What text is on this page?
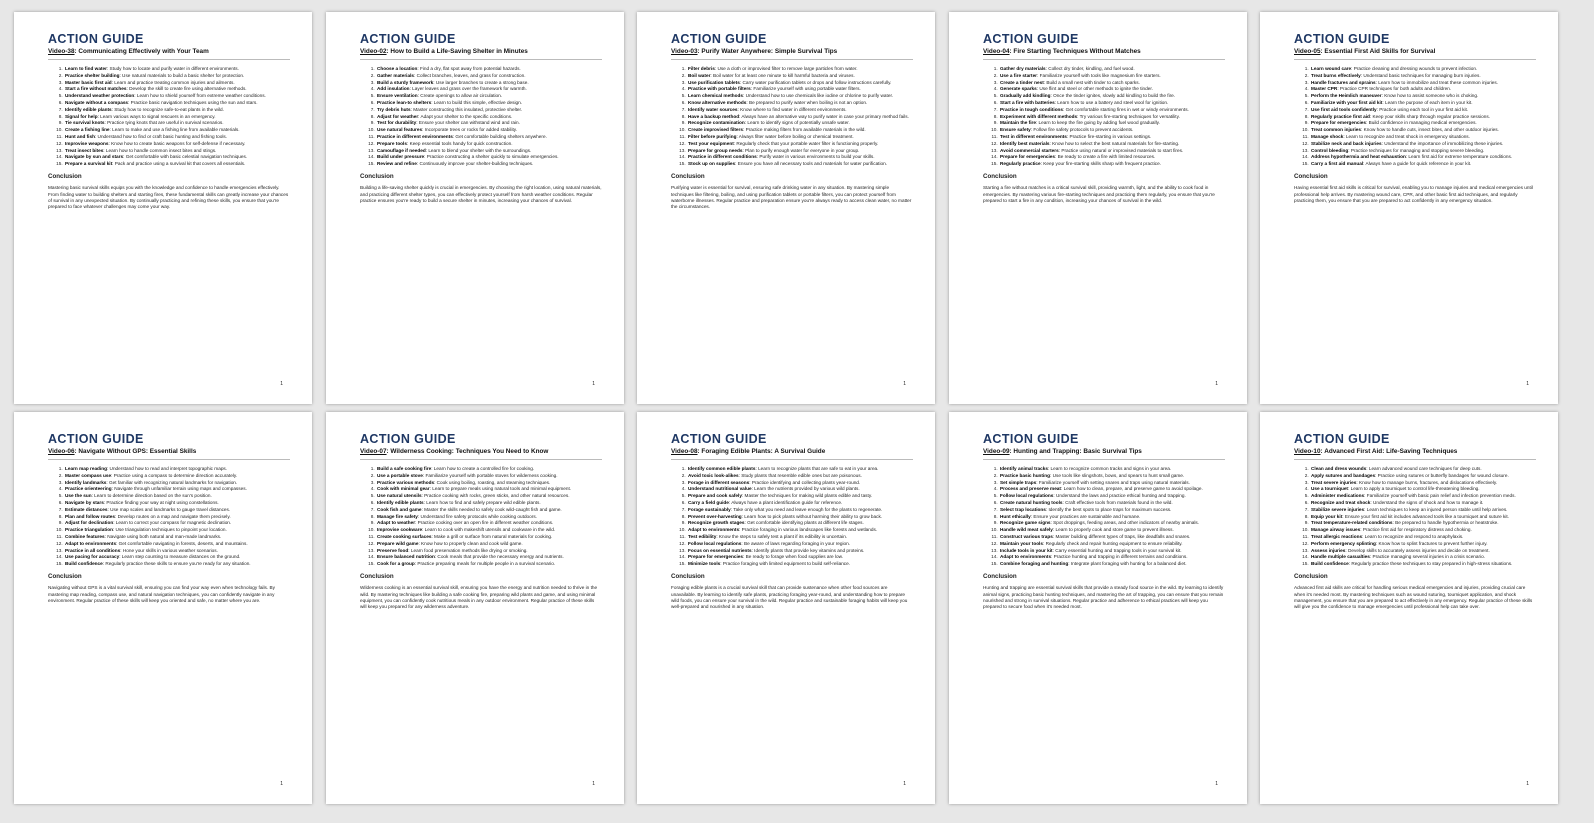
ACTION GUIDE
Video-38: Communicating Effectively with Your Team
1. Learn to find water: Study how to locate and purify water in different environments.
2. Practice shelter building: Use natural materials to build a basic shelter for protection.
3. Master basic first aid: Learn and practice treating common injuries and ailments.
4. Start a fire without matches: Develop the skill to create fire using alternative methods.
5. Understand weather protection: Learn how to shield yourself from extreme weather conditions.
6. Navigate without a compass: Practice basic navigation techniques using the sun and stars.
7. Identify edible plants: Study how to recognize safe-to-eat plants in the wild.
8. Signal for help: Learn various ways to signal rescuers in an emergency.
9. Tie survival knots: Practice tying knots that are useful in survival scenarios.
10. Create a fishing line: Learn to make and use a fishing line from available materials.
11. Hunt and fish: Understand how to find or craft basic hunting and fishing tools.
12. Improvise weapons: Know how to create basic weapons for self-defense if necessary.
13. Treat insect bites: Learn how to handle common insect bites and stings.
14. Navigate by sun and stars: Get comfortable with basic celestial navigation techniques.
15. Prepare a survival kit: Pack and practice using a survival kit that covers all essentials.
Conclusion

Mastering basic survival skills equips you with the knowledge and confidence to handle emergencies effectively. From finding water to building shelters and starting fires, these fundamental skills can greatly increase your chances of survival in any unexpected situation. By continually practicing and refining these skills, you ensure that you're prepared to face whatever challenges may come your way.

1
ACTION GUIDE
Video-02: How to Build a Life-Saving Shelter in Minutes
1. Choose a location: Find a dry, flat spot away from potential hazards.
2. Gather materials: Collect branches, leaves, and grass for construction.
3. Build a sturdy framework: Use larger branches to create a strong base.
4. Add insulation: Layer leaves and grass over the framework for warmth.
5. Ensure ventilation: Create openings to allow air circulation.
6. Practice lean-to shelters: Learn to build this simple, effective design.
7. Try debris huts: Master constructing this insulated, protective shelter.
8. Adjust for weather: Adapt your shelter to the specific conditions.
9. Test for durability: Ensure your shelter can withstand wind and rain.
10. Use natural features: Incorporate trees or rocks for added stability.
11. Practice in different environments: Get comfortable building shelters anywhere.
12. Prepare tools: Keep essential tools handy for quick construction.
13. Camouflage if needed: Learn to blend your shelter with the surroundings.
14. Build under pressure: Practice constructing a shelter quickly to simulate emergencies.
15. Review and refine: Continuously improve your shelter-building techniques.
Conclusion

Building a life-saving shelter quickly is crucial in emergencies. By choosing the right location, using natural materials, and practicing different shelter types, you can effectively protect yourself from harsh weather conditions. Regular practice ensures you're ready to build a secure shelter in minutes, increasing your chances of survival.

1
ACTION GUIDE
Video-03: Purify Water Anywhere: Simple Survival Tips
1. Filter debris: Use a cloth or improvised filter to remove large particles from water.
2. Boil water: Boil water for at least one minute to kill harmful bacteria and viruses.
3. Use purification tablets: Carry water purification tablets or drops and follow instructions carefully.
4. Practice with portable filters: Familiarize yourself with using portable water filters.
5. Learn chemical methods: Understand how to use chemicals like iodine or chlorine to purify water.
6. Know alternative methods: Be prepared to purify water when boiling is not an option.
7. Identify water sources: Know where to find water in different environments.
8. Have a backup method: Always have an alternative way to purify water in case your primary method fails.
9. Recognize contamination: Learn to identify signs of potentially unsafe water.
10. Create improvised filters: Practice making filters from available materials in the wild.
11. Filter before purifying: Always filter water before boiling or chemical treatment.
12. Test your equipment: Regularly check that your portable water filter is functioning properly.
13. Prepare for group needs: Plan to purify enough water for everyone in your group.
14. Practice in different conditions: Purify water in various environments to build your skills.
15. Stock up on supplies: Ensure you have all necessary tools and materials for water purification.
Conclusion

Purifying water is essential for survival, ensuring safe drinking water in any situation. By mastering simple techniques like filtering, boiling, and using purification tablets or portable filters, you can protect yourself from waterborne illnesses. Regular practice and preparation ensure you're always ready to access clean water, no matter the circumstances.

1
ACTION GUIDE
Video-04: Fire Starting Techniques Without Matches
1. Gather dry materials: Collect dry tinder, kindling, and fuel wood.
2. Use a fire starter: Familiarize yourself with tools like magnesium fire starters.
3. Create a tinder nest: Build a small nest with tinder to catch sparks.
4. Generate sparks: Use flint and steel or other methods to ignite the tinder.
5. Gradually add kindling: Once the tinder ignites, slowly add kindling to build the fire.
6. Start a fire with batteries: Learn how to use a battery and steel wool for ignition.
7. Practice in tough conditions: Get comfortable starting fires in wet or windy environments.
8. Experiment with different methods: Try various fire-starting techniques for versatility.
9. Maintain the fire: Learn to keep the fire going by adding fuel wood gradually.
10. Ensure safety: Follow fire safety protocols to prevent accidents.
11. Test in different environments: Practice fire-starting in various settings.
12. Identify best materials: Know how to select the best natural materials for fire-starting.
13. Avoid commercial starters: Practice using natural or improvised materials to start fires.
14. Prepare for emergencies: Be ready to create a fire with limited resources.
15. Regularly practice: Keep your fire-starting skills sharp with frequent practice.
Conclusion

Starting a fire without matches is a critical survival skill, providing warmth, light, and the ability to cook food in emergencies. By mastering various fire-starting techniques and practicing them regularly, you ensure that you're prepared to start a fire in any condition, increasing your chances of survival in the wild.

1
ACTION GUIDE
Video-05: Essential First Aid Skills for Survival
1. Learn wound care: Practice cleaning and dressing wounds to prevent infection.
2. Treat burns effectively: Understand basic techniques for managing burn injuries.
3. Handle fractures and sprains: Learn how to immobilize and treat these common injuries.
4. Master CPR: Practice CPR techniques for both adults and children.
5. Perform the Heimlich maneuver: Know how to assist someone who is choking.
6. Familiarize with your first aid kit: Learn the purpose of each item in your kit.
7. Use first aid tools confidently: Practice using each tool in your first aid kit.
8. Regularly practice first aid: Keep your skills sharp through regular practice sessions.
9. Prepare for emergencies: Build confidence in managing medical emergencies.
10. Treat common injuries: Know how to handle cuts, insect bites, and other outdoor injuries.
11. Manage shock: Learn to recognize and treat shock in emergency situations.
12. Stabilize neck and back injuries: Understand the importance of immobilizing these injuries.
13. Control bleeding: Practice techniques for managing and stopping severe bleeding.
14. Address hypothermia and heat exhaustion: Learn first aid for extreme temperature conditions.
15. Carry a first aid manual: Always have a guide for quick reference in your kit.
Conclusion

Having essential first aid skills is critical for survival, enabling you to manage injuries and medical emergencies until professional help arrives. By mastering wound care, CPR, and other basic first aid techniques, and regularly practicing them, you ensure that you are prepared to act confidently in any emergency situation.

1
ACTION GUIDE
Video-06: Navigate Without GPS: Essential Skills
1. Learn map reading: Understand how to read and interpret topographic maps.
2. Master compass use: Practice using a compass to determine direction accurately.
3. Identify landmarks: Get familiar with recognizing natural landmarks for navigation.
4. Practice orienteering: Navigate through unfamiliar terrain using maps and compasses.
5. Use the sun: Learn to determine direction based on the sun's position.
6. Navigate by stars: Practice finding your way at night using constellations.
7. Estimate distances: Use map scales and landmarks to gauge travel distances.
8. Plan and follow routes: Develop routes on a map and navigate them precisely.
9. Adjust for declination: Learn to correct your compass for magnetic declination.
10. Practice triangulation: Use triangulation techniques to pinpoint your location.
11. Combine features: Navigate using both natural and man-made landmarks.
12. Adapt to environments: Get comfortable navigating in forests, deserts, and mountains.
13. Practice in all conditions: Hone your skills in various weather scenarios.
14. Use pacing for accuracy: Learn step counting to measure distances on the ground.
15. Build confidence: Regularly practice these skills to ensure you're ready for any situation.
Conclusion

Navigating without GPS is a vital survival skill, ensuring you can find your way even when technology fails. By mastering map reading, compass use, and natural navigation techniques, you can confidently navigate in any environment. Regular practice of these skills will keep you oriented and safe, no matter where you are.

1
ACTION GUIDE
Video-07: Wilderness Cooking: Techniques You Need to Know
1. Build a safe cooking fire: Learn how to create a controlled fire for cooking.
2. Use a portable stove: Familiarize yourself with portable stoves for wilderness cooking.
3. Practice various methods: Cook using boiling, roasting, and steaming techniques.
4. Cook with minimal gear: Learn to prepare meals using natural tools and minimal equipment.
5. Use natural utensils: Practice cooking with rocks, green sticks, and other natural resources.
6. Identify edible plants: Learn how to find and safely prepare wild edible plants.
7. Cook fish and game: Master the skills needed to safely cook wild-caught fish and game.
8. Manage fire safety: Understand fire safety protocols while cooking outdoors.
9. Adapt to weather: Practice cooking over an open fire in different weather conditions.
10. Improvise cookware: Learn to cook with makeshift utensils and cookware in the wild.
11. Create cooking surfaces: Make a grill or surface from natural materials for cooking.
12. Prepare wild game: Know how to properly clean and cook wild game.
13. Preserve food: Learn food preservation methods like drying or smoking.
14. Ensure balanced nutrition: Cook meals that provide the necessary energy and nutrients.
15. Cook for a group: Practice preparing meals for multiple people in a survival scenario.
Conclusion

Wilderness cooking is an essential survival skill, ensuring you have the energy and nutrition needed to thrive in the wild. By mastering techniques like building a safe cooking fire, preparing wild plants and game, and using minimal equipment, you can confidently cook nutritious meals in any outdoor environment. Regular practice of these skills will keep you prepared for any wilderness adventure.

1
ACTION GUIDE
Video-08: Foraging Edible Plants: A Survival Guide
1. Identify common edible plants: Learn to recognize plants that are safe to eat in your area.
2. Avoid toxic look-alikes: Study plants that resemble edible ones but are poisonous.
3. Forage in different seasons: Practice identifying and collecting plants year-round.
4. Understand nutritional value: Learn the nutrients provided by various wild plants.
5. Prepare and cook safely: Master the techniques for making wild plants edible and tasty.
6. Carry a field guide: Always have a plant identification guide for reference.
7. Forage sustainably: Take only what you need and leave enough for the plants to regenerate.
8. Prevent over-harvesting: Learn how to pick plants without harming their ability to grow back.
9. Recognize growth stages: Get comfortable identifying plants at different life stages.
10. Adapt to environments: Practice foraging in various landscapes like forests and wetlands.
11. Test edibility: Know the steps to safely test a plant if its edibility is uncertain.
12. Follow local regulations: Be aware of laws regarding foraging in your region.
13. Focus on essential nutrients: Identify plants that provide key vitamins and proteins.
14. Prepare for emergencies: Be ready to forage when food supplies are low.
15. Minimize tools: Practice foraging with limited equipment to build self-reliance.
Conclusion

Foraging edible plants is a crucial survival skill that can provide sustenance when other food sources are unavailable. By learning to identify safe plants, practicing foraging year-round, and understanding how to prepare wild foods, you can ensure your survival in the wild. Regular practice and sustainable foraging habits will keep you well-prepared and nourished in any situation.

1
ACTION GUIDE
Video-09: Hunting and Trapping: Basic Survival Tips
1. Identify animal tracks: Learn to recognize common tracks and signs in your area.
2. Practice basic hunting: Use tools like slingshots, bows, and spears to hunt small game.
3. Set simple traps: Familiarize yourself with setting snares and traps using natural materials.
4. Process and preserve meat: Learn how to clean, prepare, and preserve game to avoid spoilage.
5. Follow local regulations: Understand the laws and practice ethical hunting and trapping.
6. Create natural hunting tools: Craft effective tools from materials found in the wild.
7. Select trap locations: Identify the best spots to place traps for maximum success.
8. Hunt ethically: Ensure your practices are sustainable and humane.
9. Recognize game signs: Spot droppings, feeding areas, and other indicators of nearby animals.
10. Handle wild meat safely: Learn to properly cook and store game to prevent illness.
11. Construct various traps: Master building different types of traps, like deadfalls and snares.
12. Maintain your tools: Regularly check and repair hunting equipment to ensure reliability.
13. Include tools in your kit: Carry essential hunting and trapping tools in your survival kit.
14. Adapt to environments: Practice hunting and trapping in different terrains and conditions.
15. Combine foraging and hunting: Integrate plant foraging with hunting for a balanced diet.
Conclusion

Hunting and trapping are essential survival skills that provide a steady food source in the wild. By learning to identify animal signs, practicing basic hunting techniques, and mastering the art of trapping, you can ensure that you remain nourished and strong in survival situations. Regular practice and adherence to ethical practices will keep you prepared to secure food when it's needed most.

1
ACTION GUIDE
Video-10: Advanced First Aid: Life-Saving Techniques
1. Clean and dress wounds: Learn advanced wound care techniques for deep cuts.
2. Apply sutures and bandages: Practice using sutures or butterfly bandages for wound closure.
3. Treat severe injuries: Know how to manage burns, fractures, and dislocations effectively.
4. Use a tourniquet: Learn to apply a tourniquet to control life-threatening bleeding.
5. Administer medications: Familiarize yourself with basic pain relief and infection prevention meds.
6. Recognize and treat shock: Understand the signs of shock and how to manage it.
7. Stabilize severe injuries: Learn techniques to keep an injured person stable until help arrives.
8. Equip your kit: Ensure your first aid kit includes advanced tools like a tourniquet and suture kit.
9. Treat temperature-related conditions: Be prepared to handle hypothermia or heatstroke.
10. Manage airway issues: Practice first aid for respiratory distress and choking.
11. Treat allergic reactions: Learn to recognize and respond to anaphylaxis.
12. Perform emergency splinting: Know how to splint fractures to prevent further injury.
13. Assess injuries: Develop skills to accurately assess injuries and decide on treatment.
14. Handle multiple casualties: Practice managing several injuries in a crisis scenario.
15. Build confidence: Regularly practice these techniques to stay prepared in high-stress situations.
Conclusion

Advanced first aid skills are critical for handling serious medical emergencies and injuries, providing crucial care when it's needed most. By mastering techniques such as wound suturing, tourniquet application, and shock management, you ensure that you are prepared to act effectively in any emergency. Regular practice of these skills will give you the confidence to manage emergencies until professional help can take over.

1
